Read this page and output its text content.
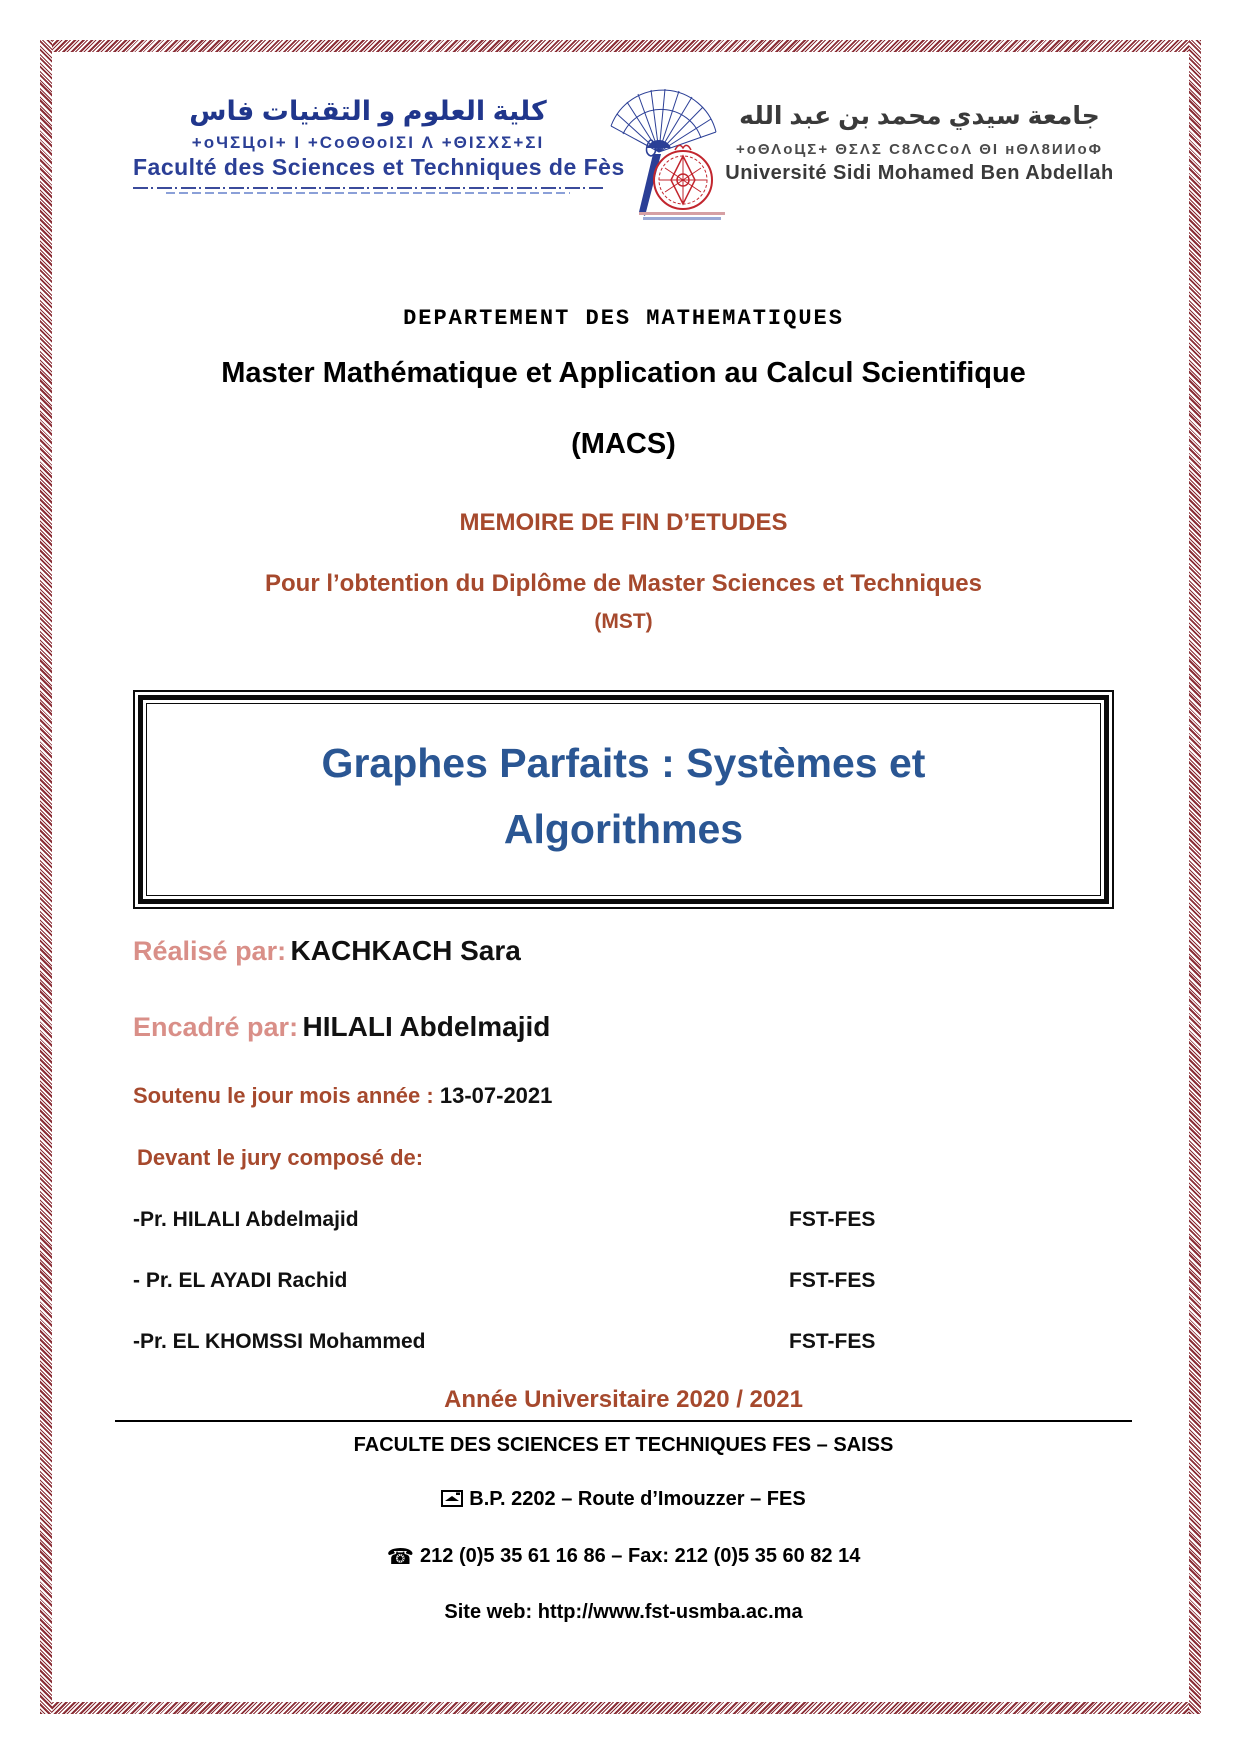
كلية العلوم و التقنيات فاس
+oЧΣЦoI+ I +ϹoΘΘoIΣI Λ +ΘIΣΧΣ+ΣI
Faculté des Sciences et Techniques de Fès
جامعة سيدي محمد بن عبد الله
+oΘΛoЦΣ+ ΘΣΛΣ Ϲ8ΛϹϹoΛ ΘI ʜΘΛ8ИИoΦ
Université Sidi Mohamed Ben Abdellah
DEPARTEMENT DES MATHEMATIQUES
Master Mathématique et Application au Calcul Scientifique
(MACS)
MEMOIRE DE FIN D’ETUDES
Pour l’obtention du Diplôme de Master Sciences et Techniques
(MST)
Graphes Parfaits : Systèmes et
Algorithmes
Réalisé par: KACHKACH Sara
Encadré par: HILALI Abdelmajid
Soutenu le jour mois année : 13-07-2021
Devant le jury composé de:
-Pr. HILALI Abdelmajid	FST-FES
- Pr. EL AYADI Rachid	FST-FES
-Pr. EL KHOMSSI Mohammed	FST-FES
Année Universitaire 2020 / 2021
FACULTE DES SCIENCES ET TECHNIQUES FES – SAISS
B.P. 2202 – Route d’Imouzzer – FES
☎ 212 (0)5 35 61 16 86 – Fax: 212 (0)5 35 60 82 14
Site web: http://www.fst-usmba.ac.ma
